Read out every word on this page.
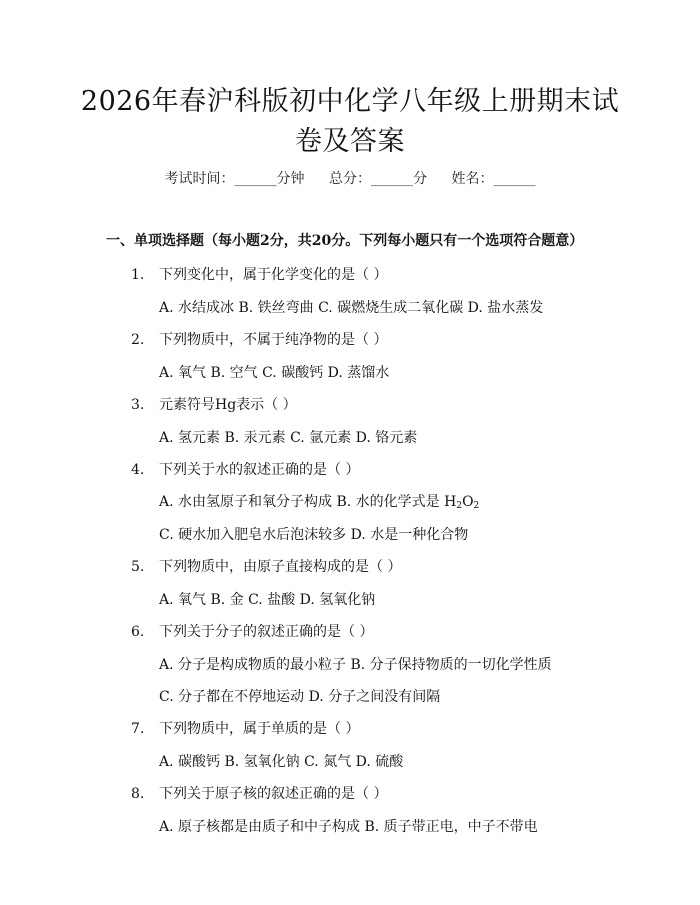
2026年春沪科版初中化学八年级上册期末试
卷及答案
考试时间：______分钟 总分：______分 姓名：______
一、单项选择题（每小题2分，共20分。下列每小题只有一个选项符合题意）
1. 下列变化中，属于化学变化的是（ ）
A. 水结成冰 B. 铁丝弯曲 C. 碳燃烧生成二氧化碳 D. 盐水蒸发
2. 下列物质中，不属于纯净物的是（ ）
A. 氧气 B. 空气 C. 碳酸钙 D. 蒸馏水
3. 元素符号Hg表示（ ）
A. 氢元素 B. 汞元素 C. 氩元素 D. 铬元素
4. 下列关于水的叙述正确的是（ ）
A. 水由氢原子和氧分子构成 B. 水的化学式是 $H_2O_2$
C. 硬水加入肥皂水后泡沫较多 D. 水是一种化合物
5. 下列物质中，由原子直接构成的是（ ）
A. 氧气 B. 金 C. 盐酸 D. 氢氧化钠
6. 下列关于分子的叙述正确的是（ ）
A. 分子是构成物质的最小粒子 B. 分子保持物质的一切化学性质
C. 分子都在不停地运动 D. 分子之间没有间隔
7. 下列物质中，属于单质的是（ ）
A. 碳酸钙 B. 氢氧化钠 C. 氮气 D. 硫酸
8. 下列关于原子核的叙述正确的是（ ）
A. 原子核都是由质子和中子构成 B. 质子带正电，中子不带电
